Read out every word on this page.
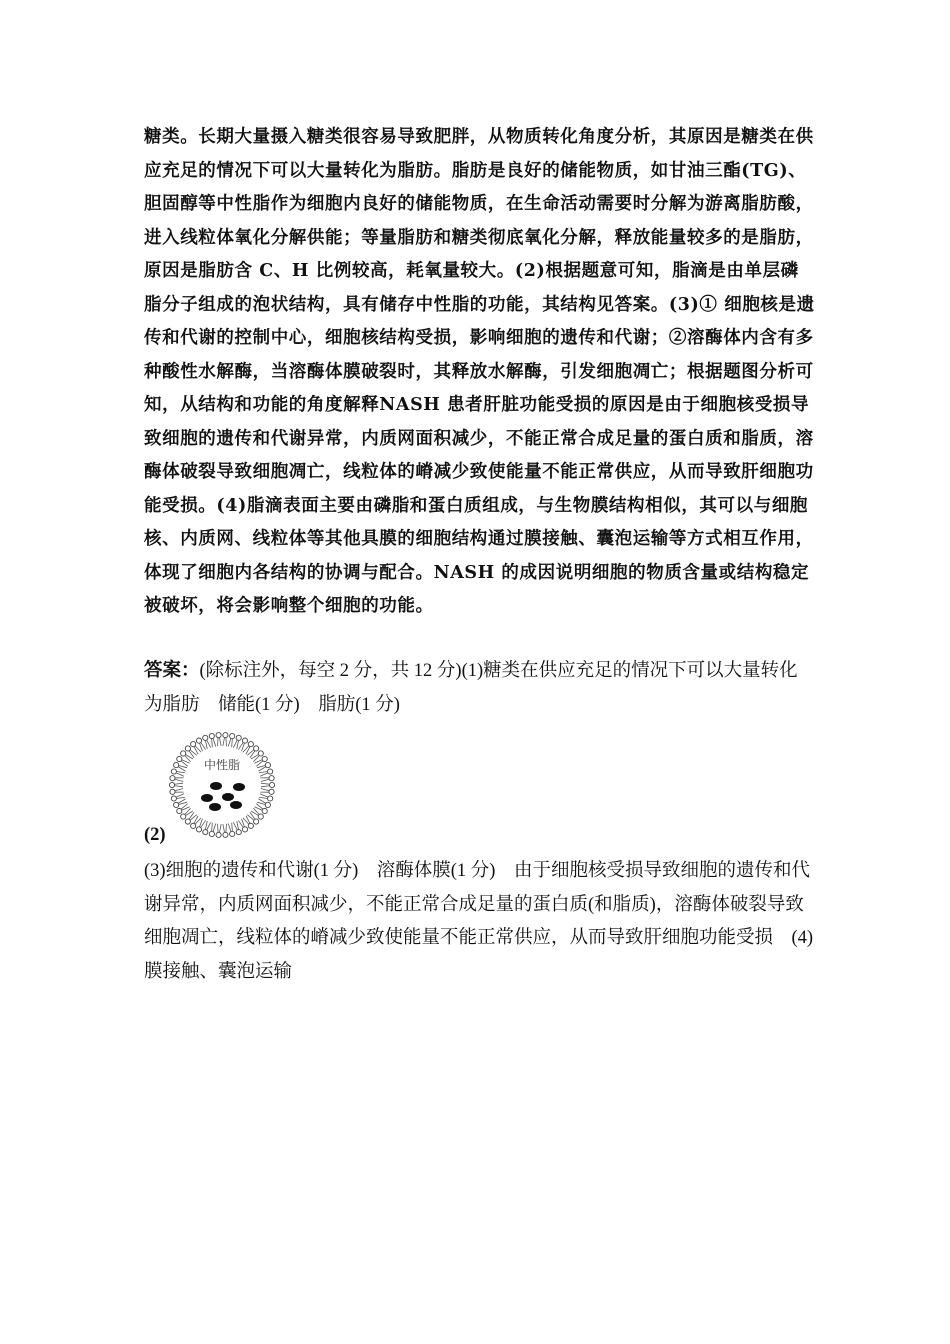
糖类。长期大量摄入糖类很容易导致肥胖，从物质转化角度分析，其原因是糖类在供应充足的情况下可以大量转化为脂肪。脂肪是良好的储能物质，如甘油三酯(TG)、胆固醇等中性脂作为细胞内良好的储能物质，在生命活动需要时分解为游离脂肪酸，进入线粒体氧化分解供能；等量脂肪和糖类彻底氧化分解，释放能量较多的是脂肪，原因是脂肪含 C、H 比例较高，耗氧量较大。(2)根据题意可知，脂滴是由单层磷脂分子组成的泡状结构，具有储存中性脂的功能，其结构见答案。(3)① 细胞核是遗传和代谢的控制中心，细胞核结构受损，影响细胞的遗传和代谢；②溶酶体内含有多种酸性水解酶，当溶酶体膜破裂时，其释放水解酶，引发细胞凋亡；根据题图分析可知，从结构和功能的角度解释NASH 患者肝脏功能受损的原因是由于细胞核受损导致细胞的遗传和代谢异常，内质网面积减少，不能正常合成足量的蛋白质和脂质，溶酶体破裂导致细胞凋亡，线粒体的嵴减少致使能量不能正常供应，从而导致肝细胞功能受损。(4)脂滴表面主要由磷脂和蛋白质组成，与生物膜结构相似，其可以与细胞核、内质网、线粒体等其他具膜的细胞结构通过膜接触、囊泡运输等方式相互作用，体现了细胞内各结构的协调与配合。NASH 的成因说明细胞的物质含量或结构稳定被破坏，将会影响整个细胞的功能。

答案：(除标注外，每空 2 分，共 12 分)(1)糖类在供应充足的情况下可以大量转化为脂肪　储能(1 分)　脂肪(1 分)

中性脂
(2)

(3)细胞的遗传和代谢(1 分)　溶酶体膜(1 分)　由于细胞核受损导致细胞的遗传和代谢异常，内质网面积减少，不能正常合成足量的蛋白质(和脂质)，溶酶体破裂导致细胞凋亡，线粒体的嵴减少致使能量不能正常供应，从而导致肝细胞功能受损　(4)膜接触、囊泡运输
